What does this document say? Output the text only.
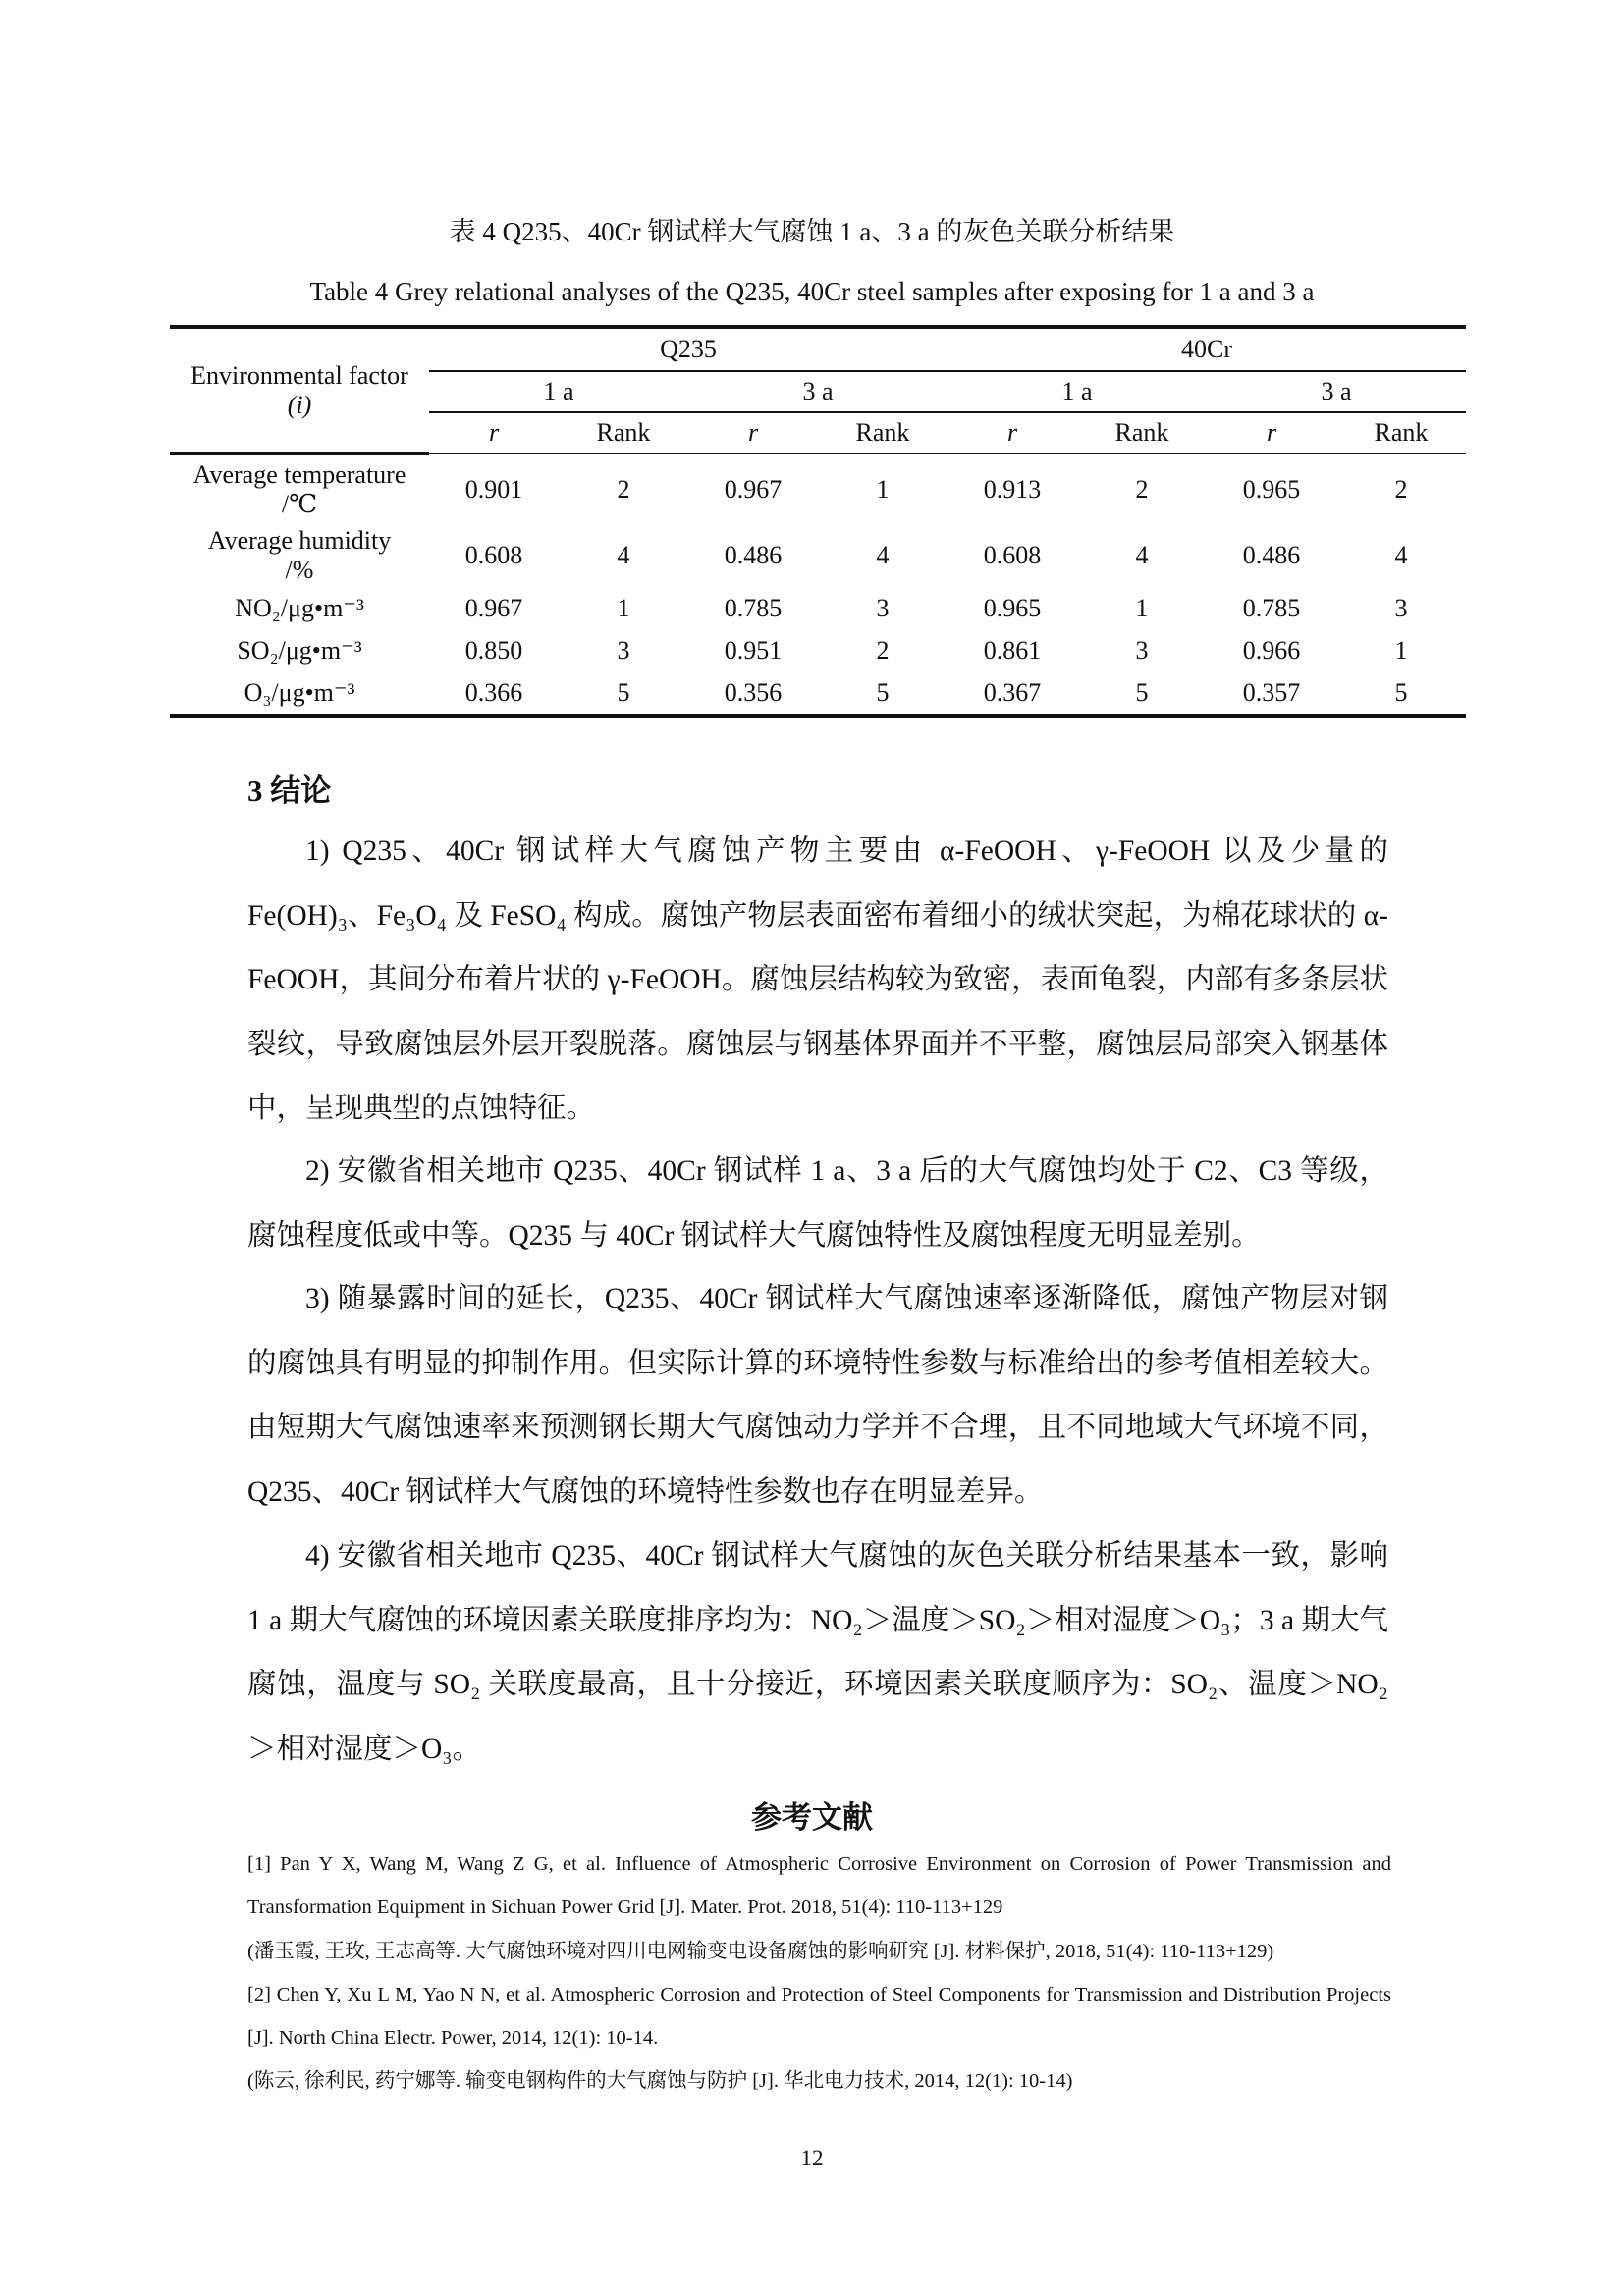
表 4 Q235、40Cr 钢试样大气腐蚀 1 a、3 a 的灰色关联分析结果
Table 4 Grey relational analyses of the Q235, 40Cr steel samples after exposing for 1 a and 3 a
Environmental factor
(i)	Q235				40Cr			
	1 a		3 a		1 a		3 a	
	r	Rank	r	Rank	r	Rank	r	Rank

Average temperature
/℃	0.901	2	0.967	1	0.913	2	0.965	2

Average humidity
/%	0.608	4	0.486	4	0.608	4	0.486	4

NO₂/μg•m⁻³	0.967	1	0.785	3	0.965	1	0.785	3

SO₂/μg•m⁻³	0.850	3	0.951	2	0.861	3	0.966	1

O₃/μg•m⁻³	0.366	5	0.356	5	0.367	5	0.357	5
3 结论

1) Q235、40Cr 钢试样大气腐蚀产物主要由 α-FeOOH、γ-FeOOH 以及少量的 Fe(OH)₃、Fe₃O₄ 及 FeSO₄ 构成。腐蚀产物层表面密布着细小的绒状突起，为棉花球状的 α-FeOOH，其间分布着片状的 γ-FeOOH。腐蚀层结构较为致密，表面龟裂，内部有多条层状裂纹，导致腐蚀层外层开裂脱落。腐蚀层与钢基体界面并不平整，腐蚀层局部突入钢基体中，呈现典型的点蚀特征。

2) 安徽省相关地市 Q235、40Cr 钢试样 1 a、3 a 后的大气腐蚀均处于 C2、C3 等级，腐蚀程度低或中等。Q235 与 40Cr 钢试样大气腐蚀特性及腐蚀程度无明显差别。

3) 随暴露时间的延长，Q235、40Cr 钢试样大气腐蚀速率逐渐降低，腐蚀产物层对钢的腐蚀具有明显的抑制作用。但实际计算的环境特性参数与标准给出的参考值相差较大。由短期大气腐蚀速率来预测钢长期大气腐蚀动力学并不合理，且不同地域大气环境不同，Q235、40Cr 钢试样大气腐蚀的环境特性参数也存在明显差异。

4) 安徽省相关地市 Q235、40Cr 钢试样大气腐蚀的灰色关联分析结果基本一致，影响 1 a 期大气腐蚀的环境因素关联度排序均为：NO₂＞温度＞SO₂＞相对湿度＞O₃；3 a 期大气腐蚀，温度与 SO₂ 关联度最高，且十分接近，环境因素关联度顺序为：SO₂、温度＞NO₂＞相对湿度＞O₃。

参考文献
[1] Pan Y X, Wang M, Wang Z G, et al. Influence of Atmospheric Corrosive Environment on Corrosion of Power Transmission and Transformation Equipment in Sichuan Power Grid [J]. Mater. Prot. 2018, 51(4): 110-113+129
(潘玉霞, 王玫, 王志高等. 大气腐蚀环境对四川电网输变电设备腐蚀的影响研究 [J]. 材料保护, 2018, 51(4): 110-113+129)
[2] Chen Y, Xu L M, Yao N N, et al. Atmospheric Corrosion and Protection of Steel Components for Transmission and Distribution Projects [J]. North China Electr. Power, 2014, 12(1): 10-14.
(陈云, 徐利民, 药宁娜等. 输变电钢构件的大气腐蚀与防护 [J]. 华北电力技术, 2014, 12(1): 10-14)
12
